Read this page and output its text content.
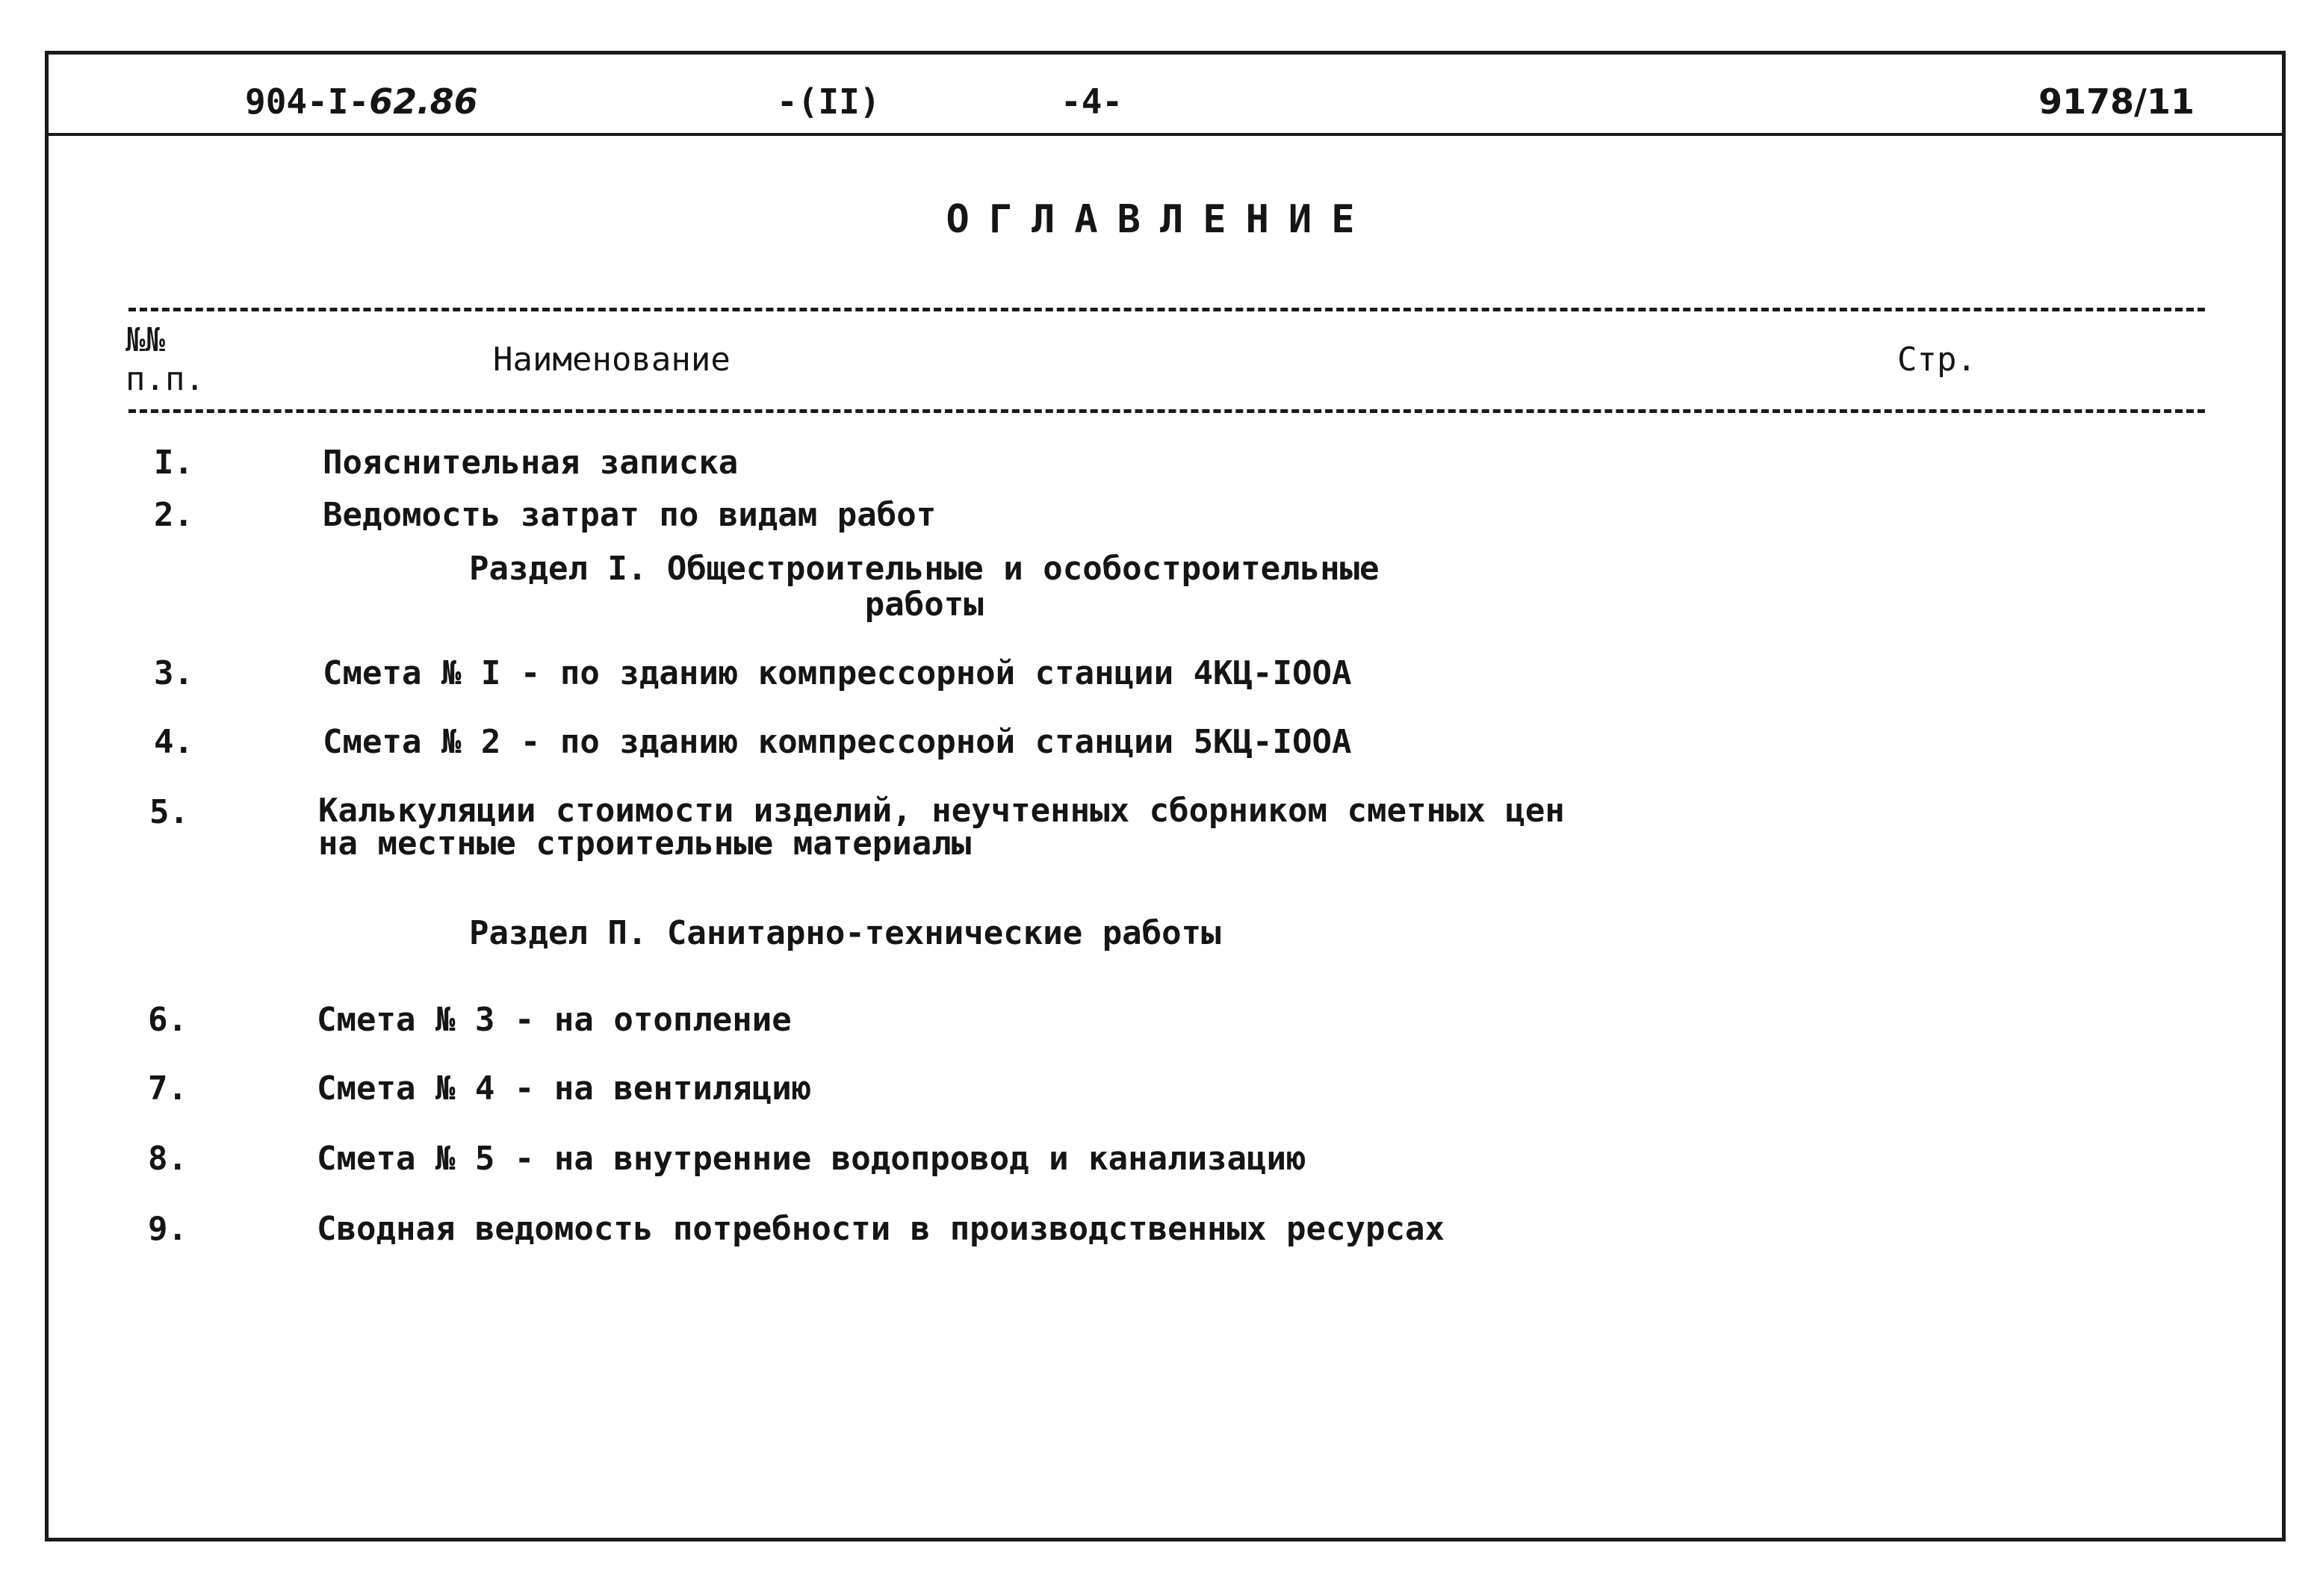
904-I-62.86	-(II)	-4-	9178/11
ОГЛАВЛЕНИЕ
№№
п.п.
Наименование	Стр.
I.	Пояснительная записка
2.	Ведомость затрат по видам работ
Раздел I. Общестроительные и особостроительные
работы
3.	Смета № I - по зданию компрессорной станции 4КЦ-IOOA
4.	Смета № 2 - по зданию компрессорной станции 5КЦ-IOOA
5.	Калькуляции стоимости изделий, неучтенных сборником сметных цен
на местные строительные материалы
Раздел П. Санитарно-технические работы
6.	Смета № 3 - на отопление
7.	Смета № 4 - на вентиляцию
8.	Смета № 5 - на внутренние водопровод и канализацию
9.	Сводная ведомость потребности в производственных ресурсах
